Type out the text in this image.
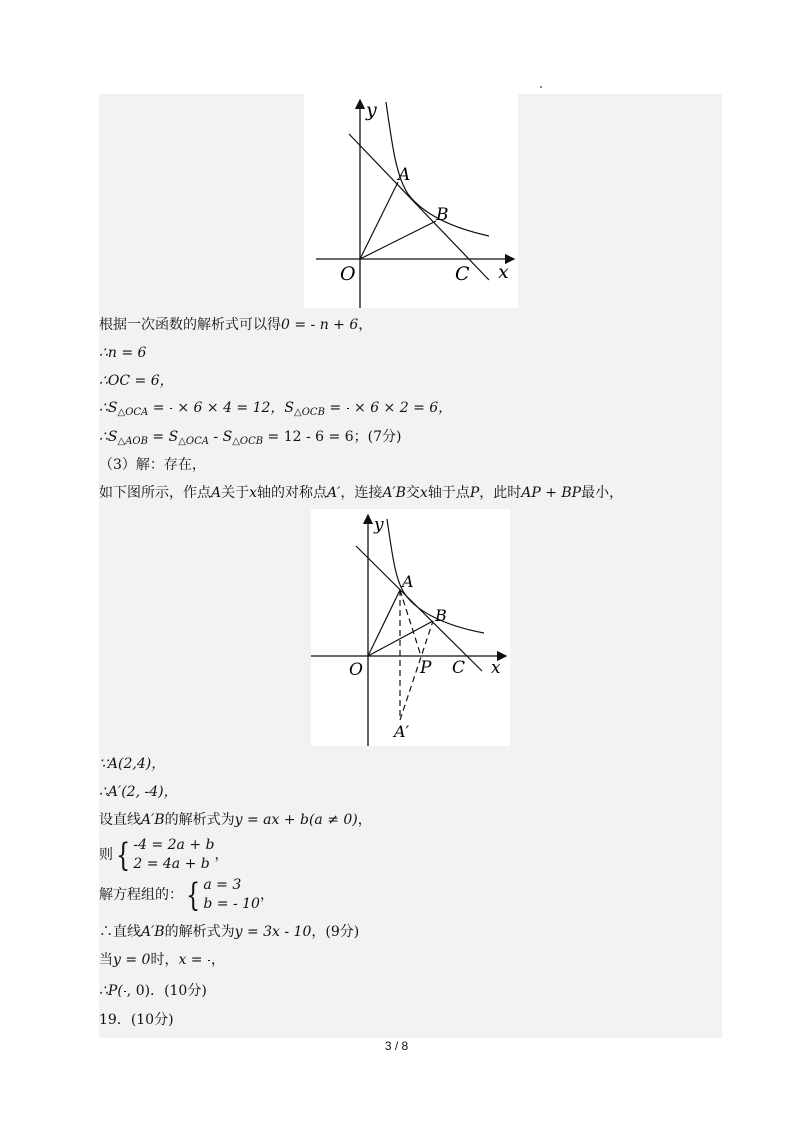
y
x
O
A
B
C
根据一次函数的解析式可以得0 = - n + 6，
∴n = 6
∴OC = 6，
$\therefore S_{\triangle OCA}$ =
× 6 × 4 = 12，$S_{\triangle OCB}$ =
× 6 × 2 = 6，
$\therefore S_{\triangle AOB} = S_{\triangle OCA} - S_{\triangle OCB} = 12 - 6 = 6$；(7分)
（3）解：存在，
如下图所示，作点A关于x轴的对称点A′，连接A′B交x轴于点P，此时AP + BP最小，
y
x
O
A
B
C
P
A′
∵A(2,4)，
∴A′(2, -4)，
设直线A′B的解析式为y = ax + b(a ≠ 0)，
则{ -4 = 2a + b
2 = 4a + b
，
解方程组的：{ a = 3
b = - 10
，
∴直线A′B的解析式为y = 3x - 10，(9分)
当y = 0时，x =
，
∴P( , 0)．(10分)
19．(10分)
3 / 8
